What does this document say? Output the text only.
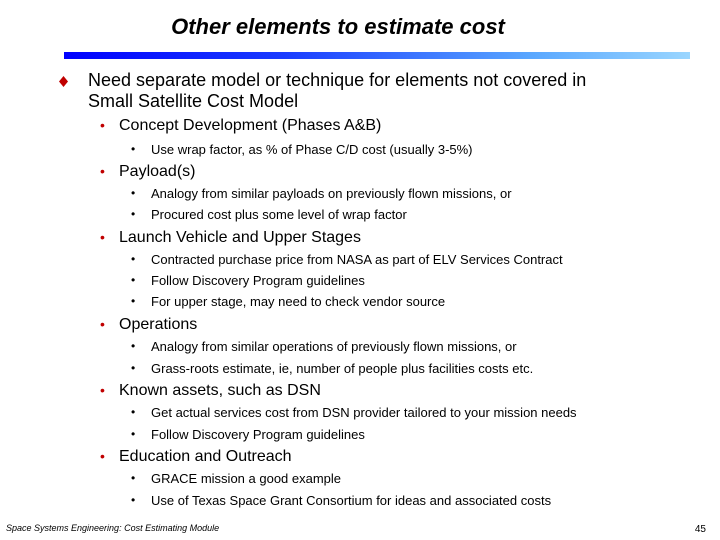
Other elements to estimate cost
Need separate model or technique for elements not covered in
Small Satellite Cost Model
• Concept Development (Phases A&B)
• Use wrap factor, as % of Phase C/D cost (usually 3-5%)
• Payload(s)
• Analogy from similar payloads on previously flown missions, or
• Procured cost plus some level of wrap factor
• Launch Vehicle and Upper Stages
• Contracted purchase price from NASA as part of ELV Services Contract
• Follow Discovery Program guidelines
• For upper stage, may need to check vendor source
• Operations
• Analogy from similar operations of previously flown missions, or
• Grass-roots estimate, ie, number of people plus facilities costs etc.
• Known assets, such as DSN
• Get actual services cost from DSN provider tailored to your mission needs
• Follow Discovery Program guidelines
• Education and Outreach
• GRACE mission a good example
• Use of Texas Space Grant Consortium for ideas and associated costs
Space Systems Engineering: Cost Estimating Module	45
